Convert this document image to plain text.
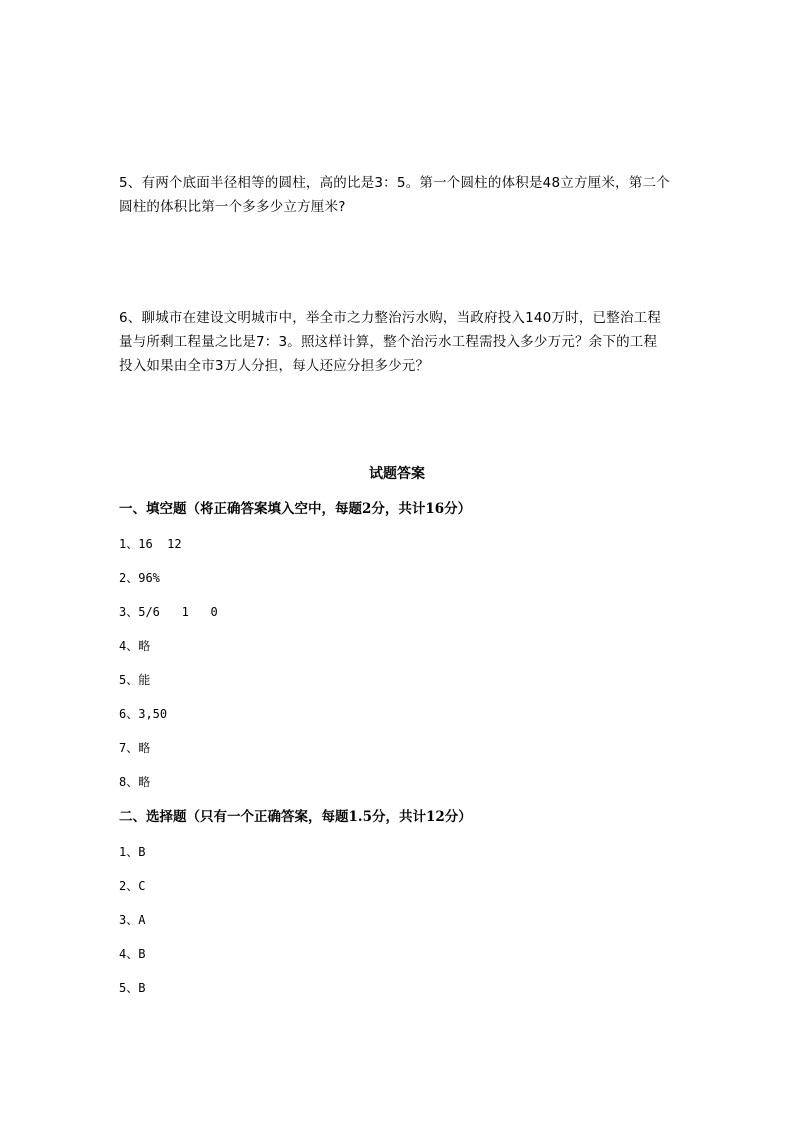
5、有两个底面半径相等的圆柱，高的比是3：5。第一个圆柱的体积是48立方厘米，第二个
圆柱的体积比第一个多多少立方厘米?
6、聊城市在建设文明城市中，举全市之力整治污水购，当政府投入140万时，已整治工程
量与所剩工程量之比是7：3。照这样计算，整个治污水工程需投入多少万元？余下的工程
投入如果由全市3万人分担，每人还应分担多少元？
试题答案
一、填空题（将正确答案填入空中，每题2分，共计16分）
1、16  12
2、96%
3、5/6   1   0
4、略
5、能
6、3,50
7、略
8、略
二、选择题（只有一个正确答案，每题1.5分，共计12分）
1、B
2、C
3、A
4、B
5、B
